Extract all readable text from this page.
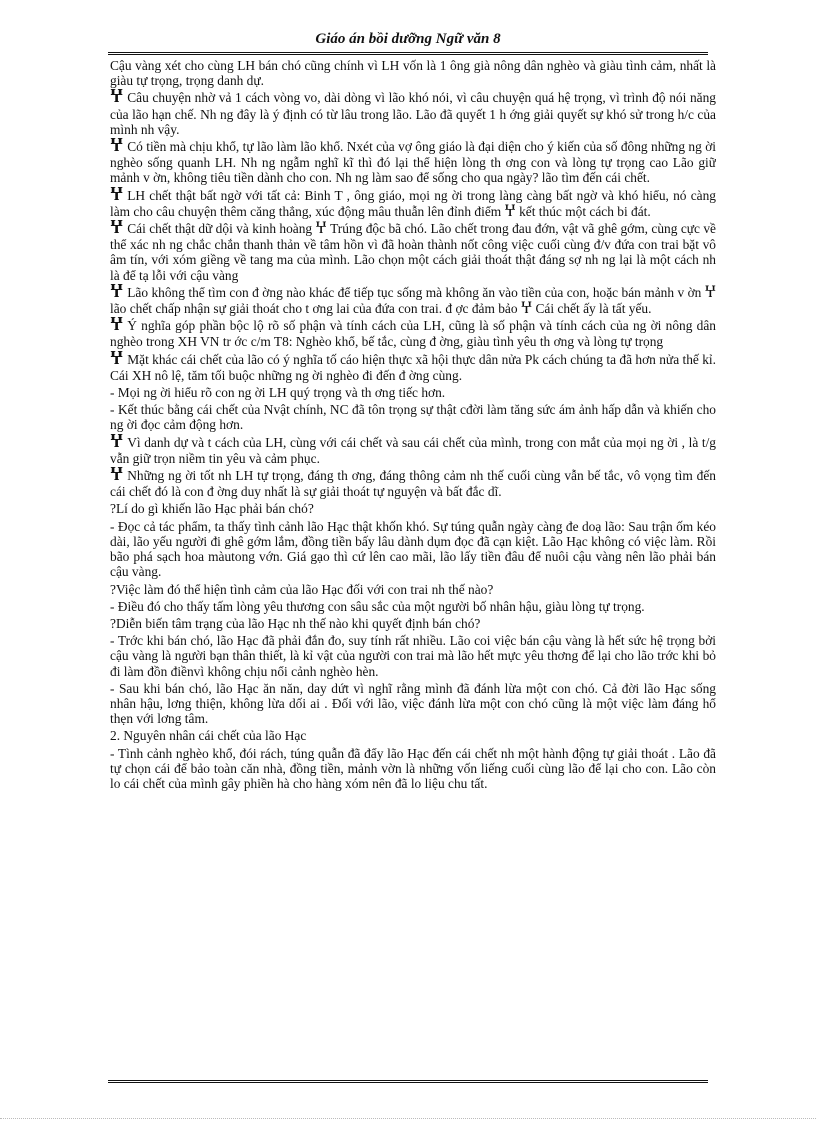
Giáo án bồi dưỡng Ngữ văn 8

Cậu vàng xét cho cùng LH bán chó cũng chính vì LH vốn là 1 ông già nông dân nghèo và giàu tình cảm, nhất là giàu tự trọng, trọng danh dự.

Ⴤ Câu chuyện nhờ vả 1 cách vòng vo, dài dòng vì lão khó nói, vì câu chuyện quá hệ trọng, vì trình độ nói năng của lão hạn chế. Nh ng đây là ý định có từ lâu trong lão. Lão đã quyết 1 h ớng giải quyết sự khó sử trong h/c của mình nh vậy.

Ⴤ Có tiền mà chịu khổ, tự lão làm lão khổ. Nxét của vợ ông giáo là đại diện cho ý kiến của số đông những ng ời nghèo sống quanh LH. Nh ng ngẫm nghĩ kĩ thì đó lại thể hiện lòng th ơng con và lòng tự trọng cao Lão giữ mảnh v ờn, không tiêu tiền dành cho con. Nh ng làm sao để sống cho qua ngày? lão tìm đến cái chết.

Ⴤ LH chết thật bất ngờ với tất cả: Binh T , ông giáo, mọi ng ời trong làng càng bất ngờ và khó hiểu, nó càng làm cho câu chuyện thêm căng thẳng, xúc động mâu thuẫn lên đỉnh điểm Ⴤ kết thúc một cách bi đát.

Ⴤ Cái chết thật dữ dội và kinh hoàng Ⴤ Trúng độc bã chó. Lão chết trong đau đớn, vật vã ghê gớm, cùng cực về thể xác nh ng chắc chắn thanh thản về tâm hồn vì đã hoàn thành nốt công việc cuối cùng đ/v đứa con trai bặt vô âm tín, với xóm giềng về tang ma của mình. Lão chọn một cách giải thoát thật đáng sợ nh ng lại là một cách nh là để tạ lỗi với cậu vàng

Ⴤ Lão không thể tìm con đ ờng nào khác để tiếp tục sống mà không ăn vào tiền của con, hoặc bán mảnh v ờn Ⴤ lão chết chấp nhận sự giải thoát cho t ơng lai của đứa con trai. đ ợc đảm bảo Ⴤ Cái chết ấy là tất yếu.

Ⴤ Ý nghĩa góp phần bộc lộ rõ số phận và tính cách của LH, cũng là số phận và tính cách của ng ời nông dân nghèo trong XH VN tr ớc c/m T8: Nghèo khổ, bế tắc, cùng đ ờng, giàu tình yêu th ơng và lòng tự trọng

Ⴤ Mặt khác cái chết của lão có ý nghĩa tố cáo hiện thực xã hội thực dân nửa Pk cách chúng ta đã hơn nửa thế kỉ. Cái XH nô lệ, tăm tối buộc những ng ời nghèo đi đến đ ờng cùng.

- Mọi ng ời hiểu rõ con ng ời LH quý trọng và th ơng tiếc hơn.

- Kết thúc bằng cái chết của Nvật chính, NC đã tôn trọng sự thật cđời làm tăng sức ám ảnh hấp dẫn và khiến cho ng ời đọc cảm động hơn.

Ⴤ Vì danh dự và t cách của LH, cùng với cái chết và sau cái chết của mình, trong con mắt của mọi ng ời , là t/g vẫn giữ trọn niềm tin yêu và cảm phục.

Ⴤ Những ng ời tốt nh LH tự trọng, đáng th ơng, đáng thông cảm nh thế cuối cùng vẫn bế tắc, vô vọng tìm đến cái chết đó là con đ ờng duy nhất là sự giải thoát tự nguyện và bất đắc dĩ.

?Lí do gì khiến lão Hạc phải bán chó?

- Đọc cả tác phẩm, ta thấy tình cảnh lão Hạc thật khốn khó. Sự túng quẫn ngày càng đe doạ lão: Sau trận ốm kéo dài, lão yếu người đi ghê gớm lắm, đồng tiền bấy lâu dành dụm đọc đã cạn kiệt. Lão Hạc không có việc làm. Rồi bão phá sạch hoa màutong vớn. Giá gạo thì cứ lên cao mãi, lão lấy tiền đâu để nuôi cậu vàng nên lão phải bán cậu vàng.

?Việc làm đó thể hiện tình cảm của lão Hạc đối với con trai nh thế nào?

- Điều đó cho thấy tấm lòng yêu thương con sâu sắc của một người bố nhân hậu, giàu lòng tự trọng.

?Diễn biến tâm trạng của lão Hạc nh thế nào khi quyết định bán chó?

- Trớc khi bán chó, lão Hạc đã phải đắn đo, suy tính rất nhiều. Lão coi việc bán cậu vàng là hết sức hệ trọng bởi cậu vàng là người bạn thân thiết, là kỉ vật của người con trai mà lão hết mực yêu thơng để lại cho lão trớc khi bỏ đi làm đồn điềnvì không chịu nổi cảnh nghèo hèn.

- Sau khi bán chó, lão Hạc ăn năn, day dứt vì nghĩ rằng mình đã đánh lừa một con chó. Cả đời lão Hạc sống nhân hậu, lơng thiện, không lừa dối ai . Đối với lão, việc đánh lừa một con chó cũng là một việc làm đáng hổ thẹn với lơng tâm.

2. Nguyên nhân cái chết của lão Hạc

- Tình cảnh nghèo khổ, đói rách, túng quẫn đã đẩy lão Hạc đến cái chết nh một hành động tự giải thoát . Lão đã tự chọn cái để bảo toàn căn nhà, đồng tiền, mảnh vờn là những vốn liếng cuối cùng lão để lại cho con. Lão còn lo cái chết của mình gây phiền hà cho hàng xóm nên đã lo liệu chu tất.
